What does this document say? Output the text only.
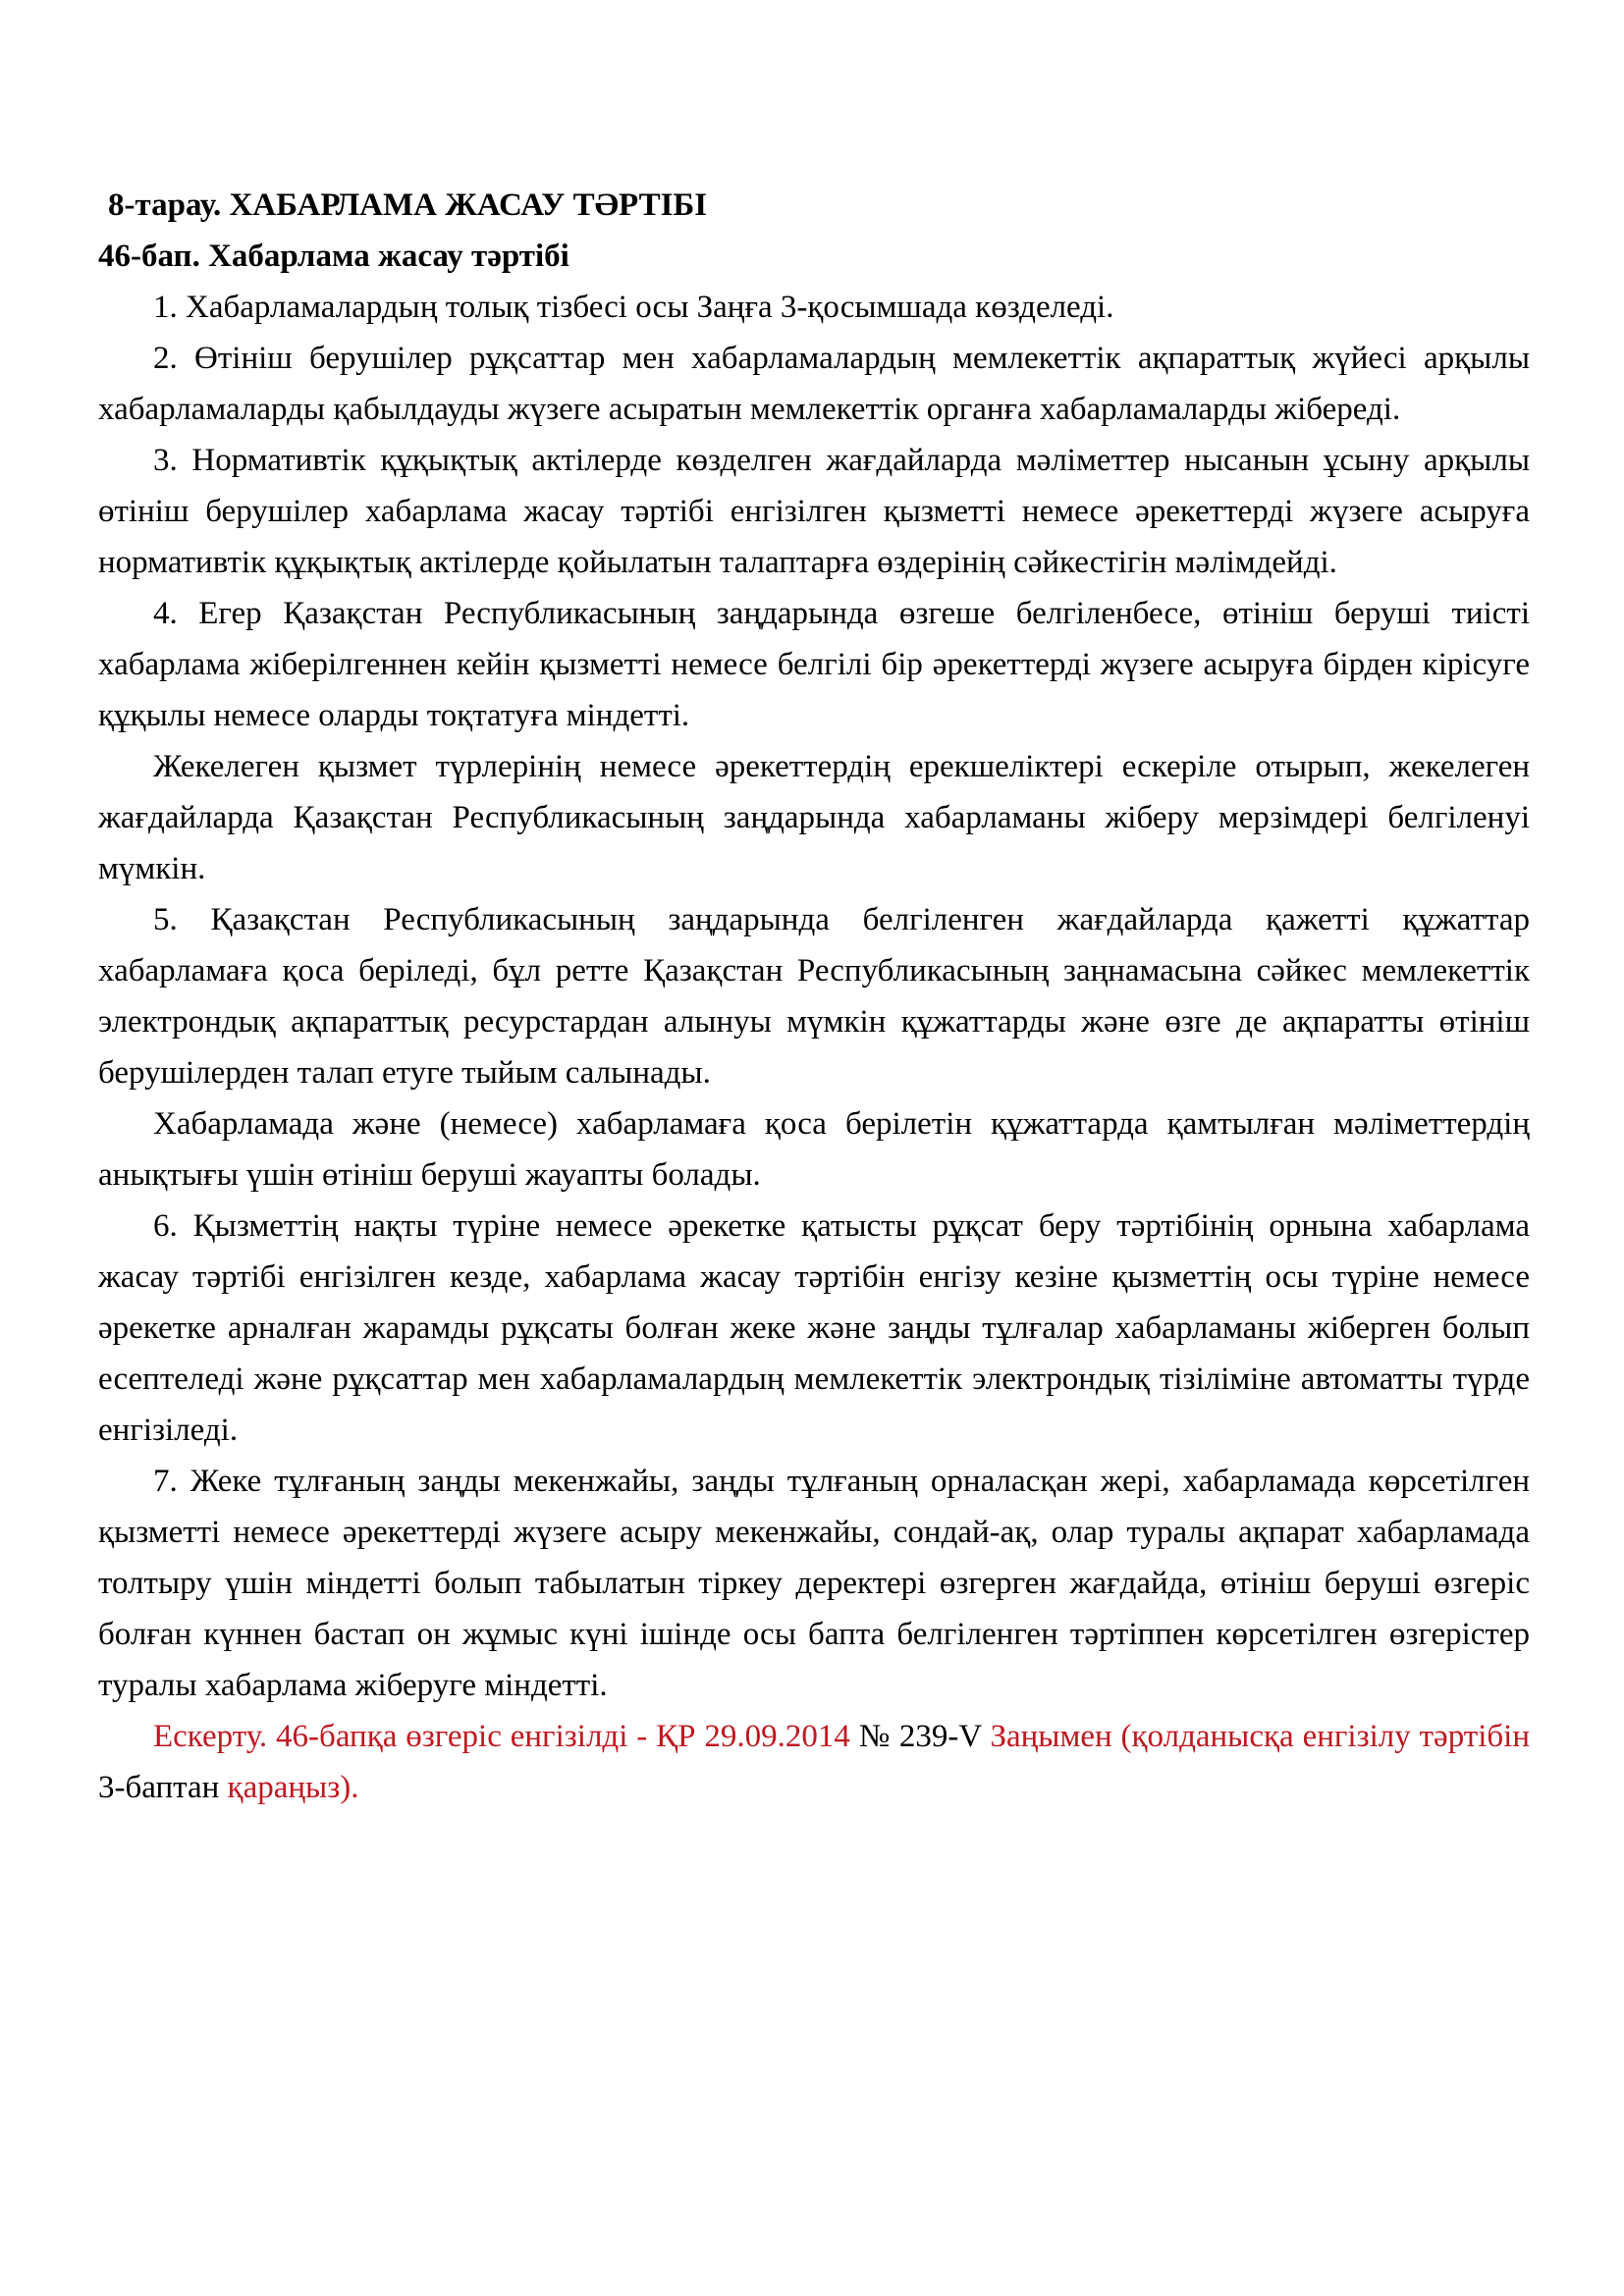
8-тарау. ХАБАРЛАМА ЖАСАУ ТӘРТІБІ

46-бап. Хабарлама жасау тәртібі

1. Хабарламалардың толық тізбесі осы Заңға 3-қосымшада көзделеді.

2. Өтініш берушілер рұқсаттар мен хабарламалардың мемлекеттік ақпараттық жүйесі арқылы хабарламаларды қабылдауды жүзеге асыратын мемлекеттік органға хабарламаларды жібереді.

3. Нормативтік құқықтық актілерде көзделген жағдайларда мәліметтер нысанын ұсыну арқылы өтініш берушілер хабарлама жасау тәртібі енгізілген қызметті немесе әрекеттерді жүзеге асыруға нормативтік құқықтық актілерде қойылатын талаптарға өздерінің сәйкестігін мәлімдейді.

4. Егер Қазақстан Республикасының заңдарында өзгеше белгіленбесе, өтініш беруші тиісті хабарлама жіберілгеннен кейін қызметті немесе белгілі бір әрекеттерді жүзеге асыруға бірден кірісуге құқылы немесе оларды тоқтатуға міндетті.

Жекелеген қызмет түрлерінің немесе әрекеттердің ерекшеліктері ескеріле отырып, жекелеген жағдайларда Қазақстан Республикасының заңдарында хабарламаны жіберу мерзімдері белгіленуі мүмкін.

5. Қазақстан Республикасының заңдарында белгіленген жағдайларда қажетті құжаттар хабарламаға қоса беріледі, бұл ретте Қазақстан Республикасының заңнамасына сәйкес мемлекеттік электрондық ақпараттық ресурстардан алынуы мүмкін құжаттарды және өзге де ақпаратты өтініш берушілерден талап етуге тыйым салынады.

Хабарламада және (немесе) хабарламаға қоса берілетін құжаттарда қамтылған мәліметтердің анықтығы үшін өтініш беруші жауапты болады.

6. Қызметтің нақты түріне немесе әрекетке қатысты рұқсат беру тәртібінің орнына хабарлама жасау тәртібі енгізілген кезде, хабарлама жасау тәртібін енгізу кезіне қызметтің осы түріне немесе әрекетке арналған жарамды рұқсаты болған жеке және заңды тұлғалар хабарламаны жіберген болып есептеледі және рұқсаттар мен хабарламалардың мемлекеттік электрондық тізіліміне автоматты түрде енгізіледі.

7. Жеке тұлғаның заңды мекенжайы, заңды тұлғаның орналасқан жері, хабарламада көрсетілген қызметті немесе әрекеттерді жүзеге асыру мекенжайы, сондай-ақ, олар туралы ақпарат хабарламада толтыру үшін міндетті болып табылатын тіркеу деректері өзгерген жағдайда, өтініш беруші өзгеріс болған күннен бастап он жұмыс күні ішінде осы бапта белгіленген тәртіппен көрсетілген өзгерістер туралы хабарлама жіберуге міндетті.

Ескерту. 46-бапқа өзгеріс енгізілді - ҚР 29.09.2014 № 239-V Заңымен (қолданысқа енгізілу тәртібін 3-баптан қараңыз).
